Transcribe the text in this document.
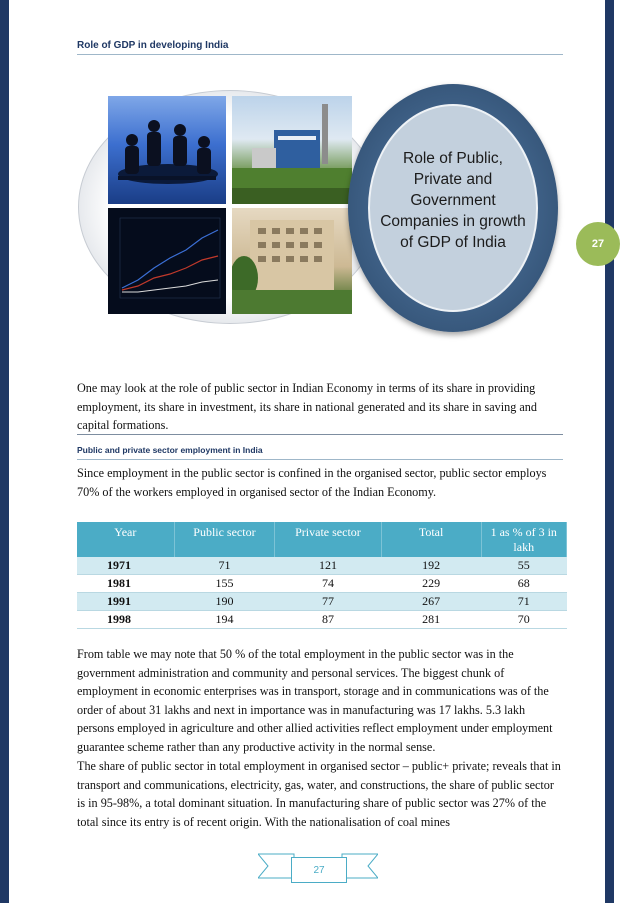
Role of GDP in developing India
27
Role of Public, Private and Government Companies in growth of GDP of India

One may look at the role of public sector in Indian Economy in terms of its share in providing employment, its share in investment, its share in national generated and its share in saving and capital formations.

Public and private sector employment in India

Since employment in the public sector is confined in the organised sector, public sector employs 70% of the workers employed in organised sector of the Indian Economy.

Year	Public sector	Private sector	Total	1 as % of 3 in lakh
1971	71	121	192	55
1981	155	74	229	68
1991	190	77	267	71
1998	194	87	281	70

From table we may note that 50 % of the total employment in the public sector was in the government administration and community and personal services. The biggest chunk of employment in economic enterprises was in transport, storage and in communications was of the order of about 31 lakhs and next in importance was in manufacturing was 17 lakhs. 5.3 lakh persons employed in agriculture and other allied activities reflect employment under employment guarantee scheme rather than any productive activity in the normal sense.

The share of public sector in total employment in organised sector – public+ private; reveals that in transport and communications, electricity, gas, water, and constructions, the share of public sector is in 95-98%, a total dominant situation. In manufacturing share of public sector was 27% of the total since its entry is of recent origin. With the nationalisation of coal mines

27
